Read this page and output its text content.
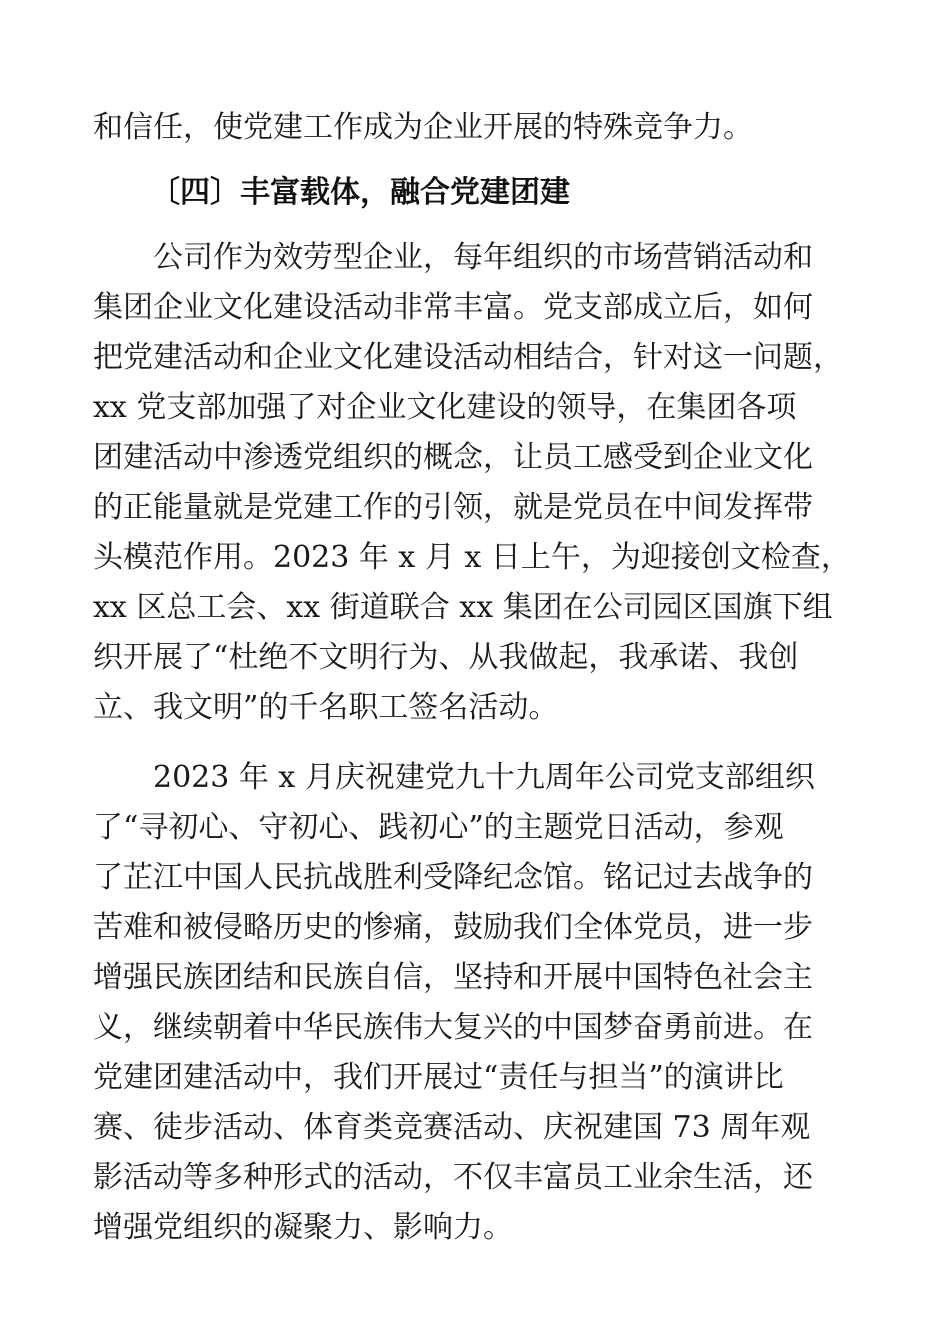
和信任，使党建工作成为企业开展的特殊竞争力。
〔四〕丰富载体，融合党建团建
公司作为效劳型企业，每年组织的市场营销活动和
集团企业文化建设活动非常丰富。党支部成立后，如何
把党建活动和企业文化建设活动相结合，针对这一问题，
xx 党支部加强了对企业文化建设的领导，在集团各项
团建活动中渗透党组织的概念，让员工感受到企业文化
的正能量就是党建工作的引领，就是党员在中间发挥带
头模范作用。2023 年 x 月 x 日上午，为迎接创文检查，
xx 区总工会、xx 街道联合 xx 集团在公司园区国旗下组
织开展了“杜绝不文明行为、从我做起，我承诺、我创
立、我文明”的千名职工签名活动。
2023 年 x 月庆祝建党九十九周年公司党支部组织
了“寻初心、守初心、践初心”的主题党日活动，参观
了芷江中国人民抗战胜利受降纪念馆。铭记过去战争的
苦难和被侵略历史的惨痛，鼓励我们全体党员，进一步
增强民族团结和民族自信，坚持和开展中国特色社会主
义，继续朝着中华民族伟大复兴的中国梦奋勇前进。在
党建团建活动中，我们开展过“责任与担当”的演讲比
赛、徒步活动、体育类竞赛活动、庆祝建国 73 周年观
影活动等多种形式的活动，不仅丰富员工业余生活，还
增强党组织的凝聚力、影响力。
